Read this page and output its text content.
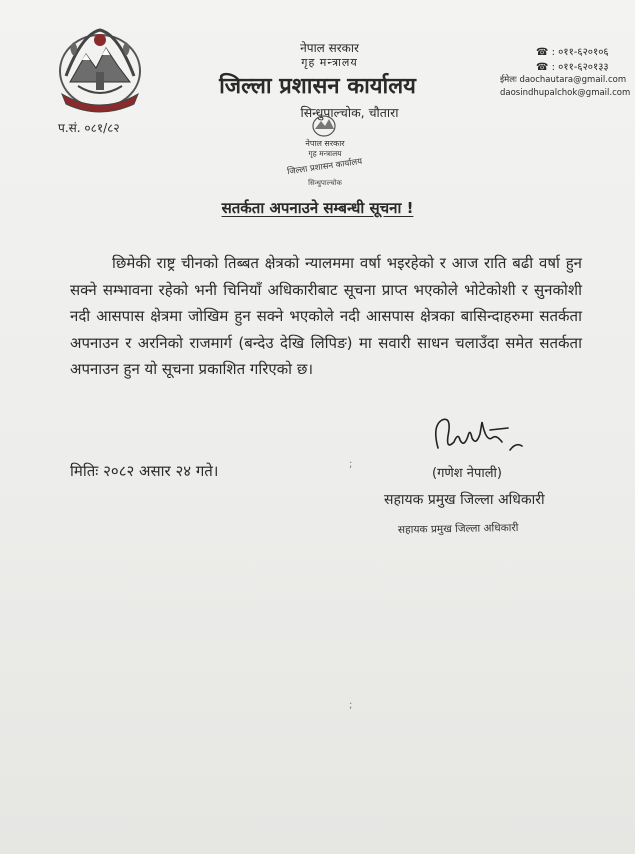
प.सं. ०८१/८२
नेपाल सरकार
गृह मन्त्रालय
जिल्ला प्रशासन कार्यालय
सिन्धुपाल्चोक, चौतारा
☎ : ०११-६२०१०६
☎ : ०११-६२०१३३
ईमेलः daochautara@gmail.com
daosindhupalchok@gmail.com
नेपाल सरकार
गृह मन्त्रालय
जिल्ला प्रशासन कार्यालय
सिन्धुपाल्चोक
सतर्कता अपनाउने सम्बन्धी सूचना !
छिमेकी राष्ट्र चीनको तिब्बत क्षेत्रको न्यालममा वर्षा भइरहेको र आज राति बढी वर्षा हुन सक्ने सम्भावना रहेको भनी चिनियाँ अधिकारीबाट सूचना प्राप्त भएकोले भोटेकोशी र सुनकोशी नदी आसपास क्षेत्रमा जोखिम हुन सक्ने भएकोले नदी आसपास क्षेत्रका बासिन्दाहरुमा सतर्कता अपनाउन र अरनिको राजमार्ग (बन्देउ देखि लिपिङ) मा सवारी साधन चलाउँदा समेत सतर्कता अपनाउन हुन यो सूचना प्रकाशित गरिएको छ।
मितिः २०८२ असार २४ गते।	(गणेश नेपाली)
सहायक प्रमुख जिल्ला अधिकारी
सहायक प्रमुख जिल्ला अधिकारी
;
;
